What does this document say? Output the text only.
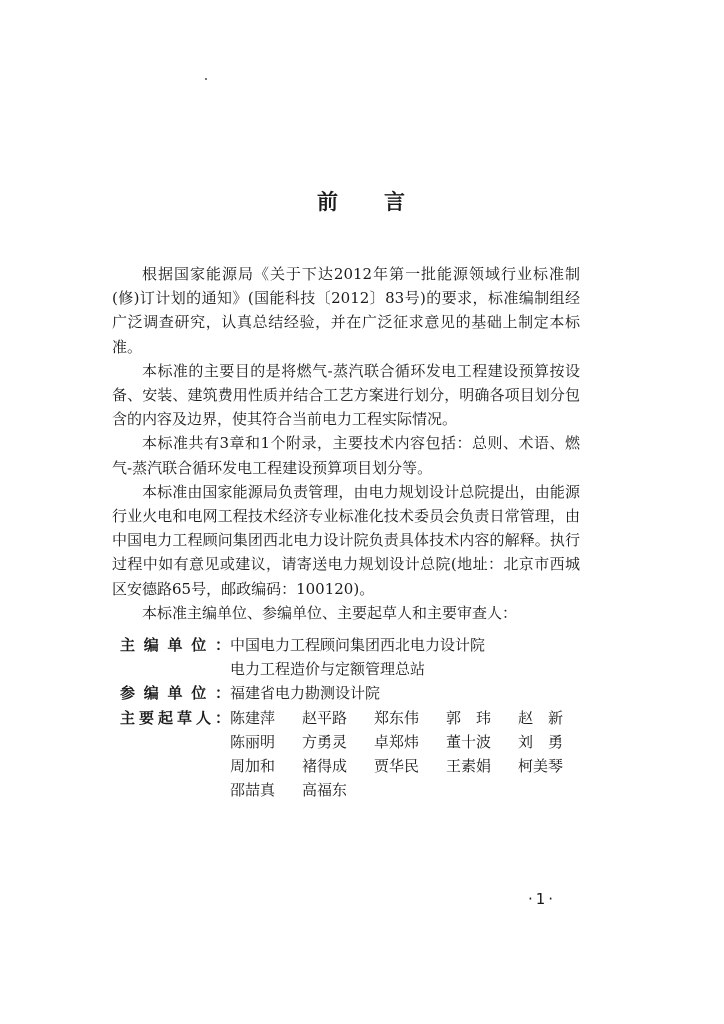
前 言

根据国家能源局《关于下达2012年第一批能源领域行业标准制(修)订计划的通知》(国能科技〔2012〕83号)的要求，标准编制组经广泛调查研究，认真总结经验，并在广泛征求意见的基础上制定本标准。

本标准的主要目的是将燃气-蒸汽联合循环发电工程建设预算按设备、安装、建筑费用性质并结合工艺方案进行划分，明确各项目划分包含的内容及边界，使其符合当前电力工程实际情况。

本标准共有3章和1个附录，主要技术内容包括：总则、术语、燃气-蒸汽联合循环发电工程建设预算项目划分等。

本标准由国家能源局负责管理，由电力规划设计总院提出，由能源行业火电和电网工程技术经济专业标准化技术委员会负责日常管理，由中国电力工程顾问集团西北电力设计院负责具体技术内容的解释。执行过程中如有意见或建议，请寄送电力规划设计总院(地址：北京市西城区安德路65号，邮政编码：100120)。

本标准主编单位、参编单位、主要起草人和主要审查人：

主编单位： 中国电力工程顾问集团西北电力设计院
电力工程造价与定额管理总站
参编单位： 福建省电力勘测设计院
主要起草人： 陈建萍	赵平路	郑东伟	郭　玮	赵　新
陈丽明	方勇灵	卓郑炜	董十波	刘　勇
周加和	褚得成	贾华民	王素娟	柯美琴
邵喆真	高福东
·1·
